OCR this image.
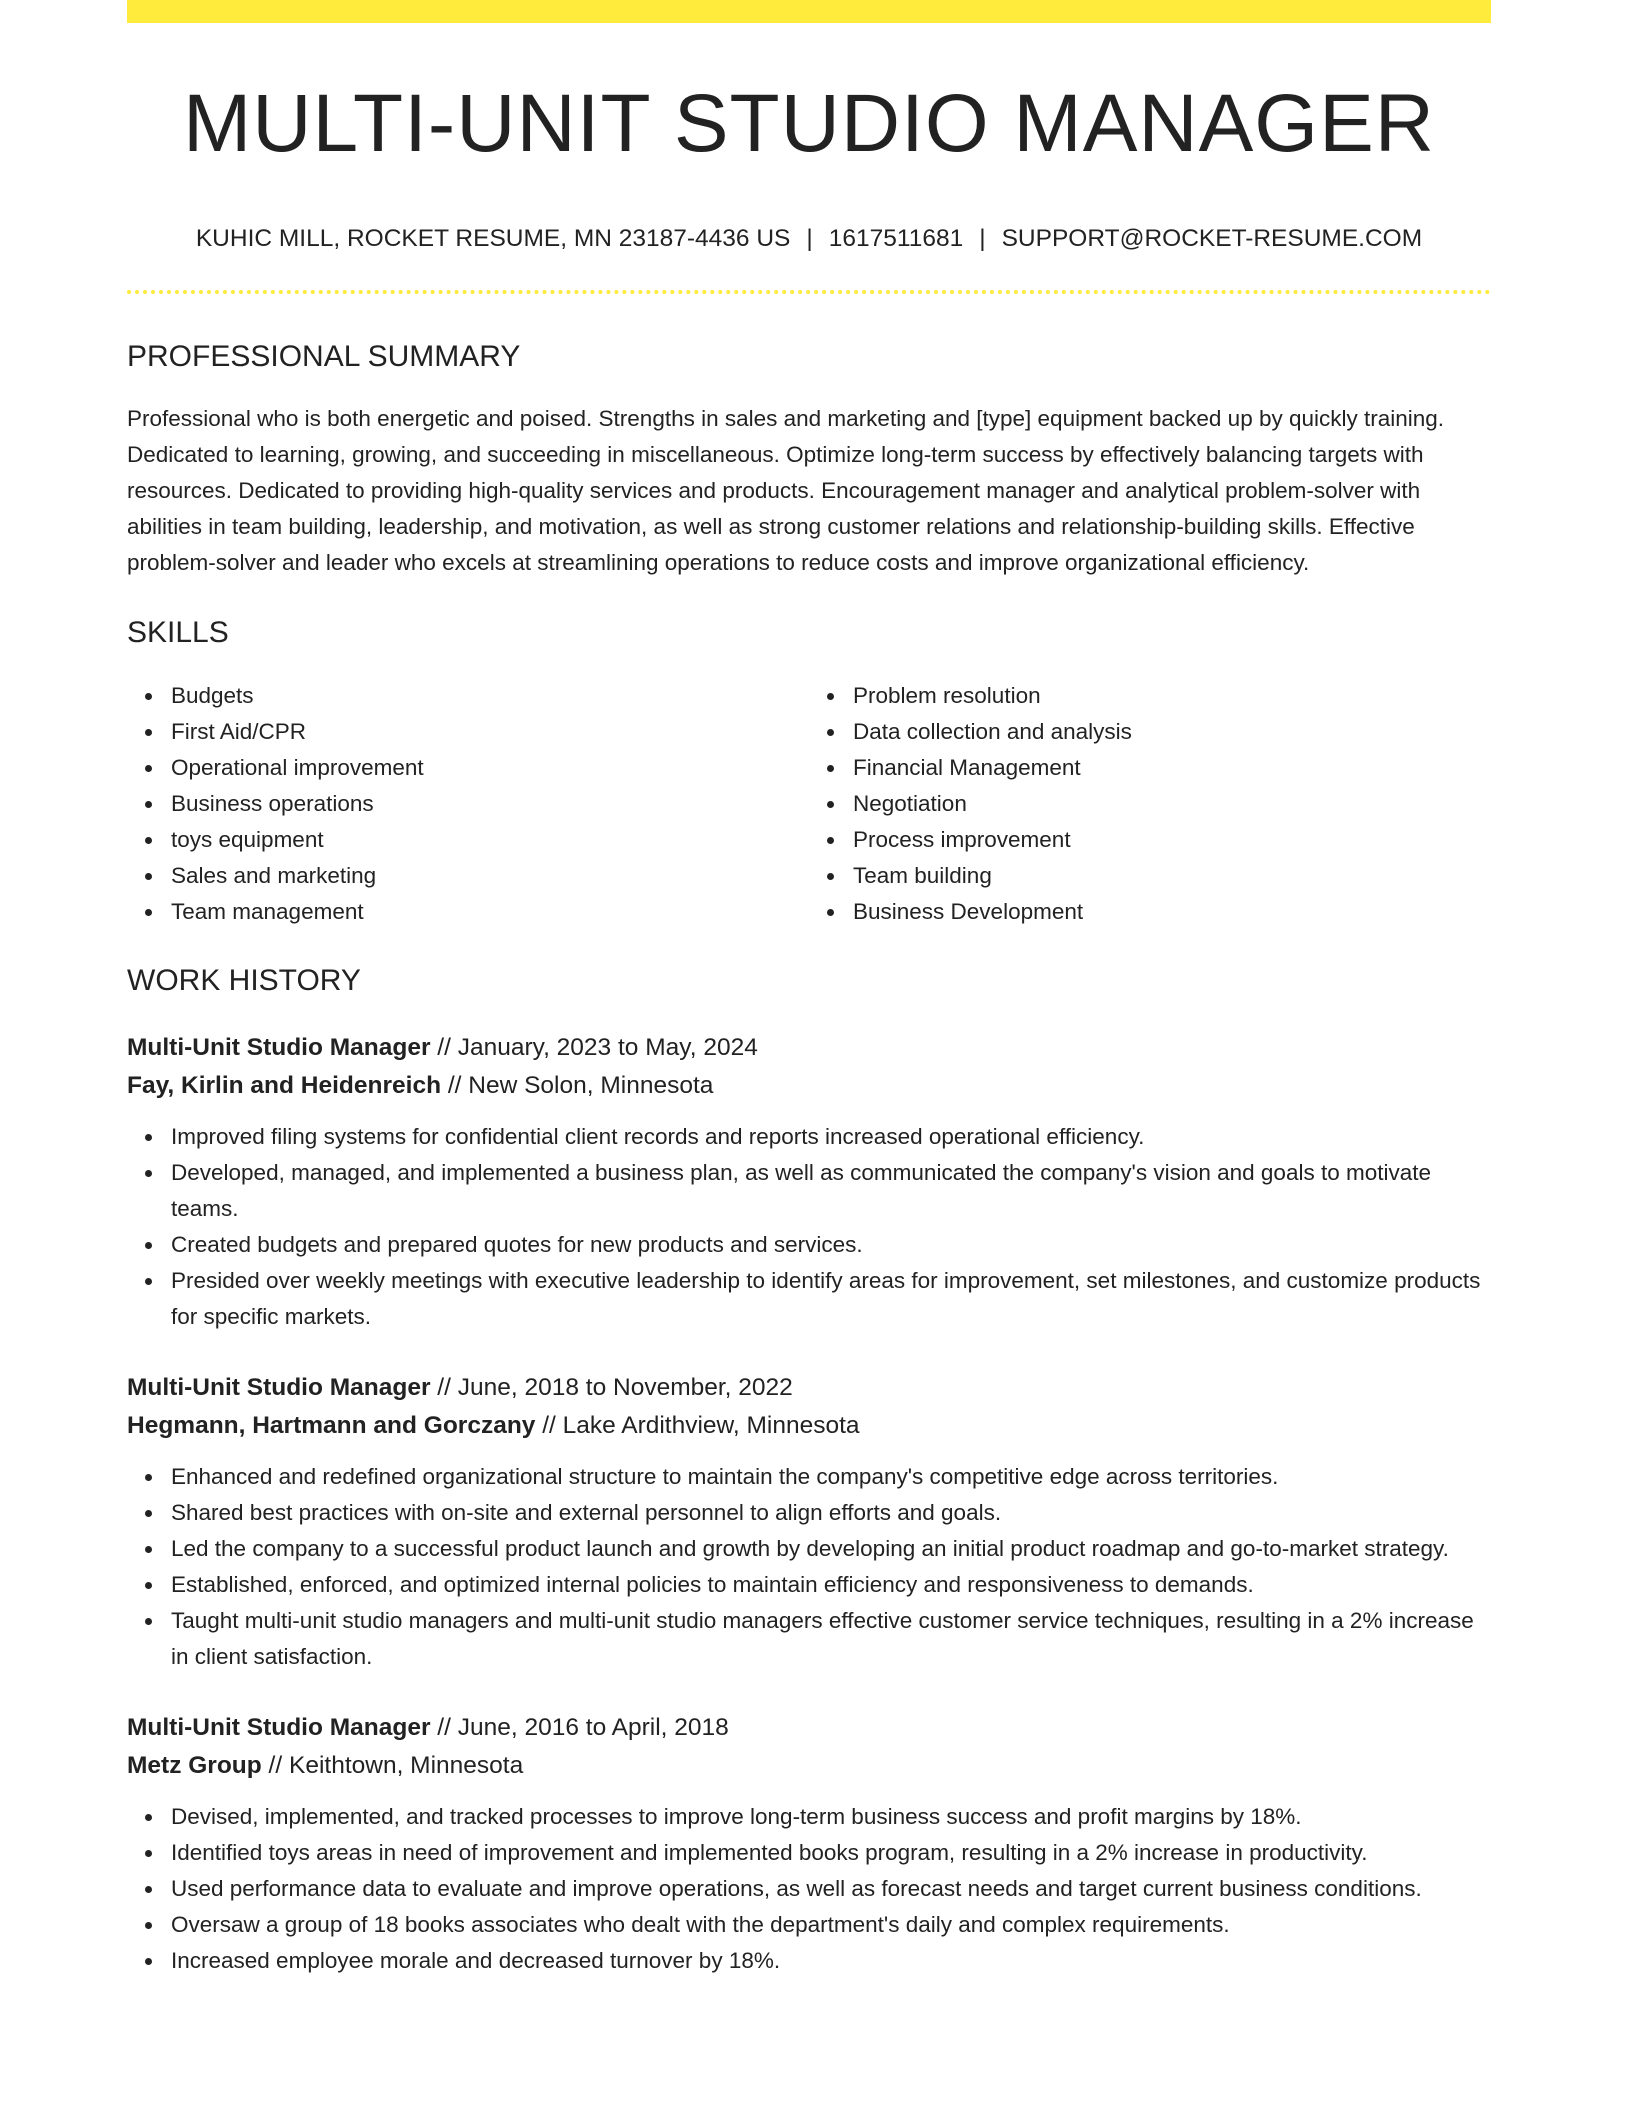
MULTI-UNIT STUDIO MANAGER
KUHIC MILL, ROCKET RESUME, MN 23187-4436 US | 1617511681 | SUPPORT@ROCKET-RESUME.COM
PROFESSIONAL SUMMARY

Professional who is both energetic and poised. Strengths in sales and marketing and [type] equipment backed up by quickly training. Dedicated to learning, growing, and succeeding in miscellaneous. Optimize long-term success by effectively balancing targets with resources. Dedicated to providing high-quality services and products. Encouragement manager and analytical problem-solver with abilities in team building, leadership, and motivation, as well as strong customer relations and relationship-building skills. Effective problem-solver and leader who excels at streamlining operations to reduce costs and improve organizational efficiency.

SKILLS
Budgets
First Aid/CPR
Operational improvement
Business operations
toys equipment
Sales and marketing
Team management
Problem resolution
Data collection and analysis
Financial Management
Negotiation
Process improvement
Team building
Business Development
WORK HISTORY
Multi-Unit Studio Manager // January, 2023 to May, 2024
Fay, Kirlin and Heidenreich // New Solon, Minnesota
Improved filing systems for confidential client records and reports increased operational efficiency.
Developed, managed, and implemented a business plan, as well as communicated the company's vision and goals to motivate teams.
Created budgets and prepared quotes for new products and services.
Presided over weekly meetings with executive leadership to identify areas for improvement, set milestones, and customize products for specific markets.
Multi-Unit Studio Manager // June, 2018 to November, 2022
Hegmann, Hartmann and Gorczany // Lake Ardithview, Minnesota
Enhanced and redefined organizational structure to maintain the company's competitive edge across territories.
Shared best practices with on-site and external personnel to align efforts and goals.
Led the company to a successful product launch and growth by developing an initial product roadmap and go-to-market strategy.
Established, enforced, and optimized internal policies to maintain efficiency and responsiveness to demands.
Taught multi-unit studio managers and multi-unit studio managers effective customer service techniques, resulting in a 2% increase in client satisfaction.
Multi-Unit Studio Manager // June, 2016 to April, 2018
Metz Group // Keithtown, Minnesota
Devised, implemented, and tracked processes to improve long-term business success and profit margins by 18%.
Identified toys areas in need of improvement and implemented books program, resulting in a 2% increase in productivity.
Used performance data to evaluate and improve operations, as well as forecast needs and target current business conditions.
Oversaw a group of 18 books associates who dealt with the department's daily and complex requirements.
Increased employee morale and decreased turnover by 18%.
